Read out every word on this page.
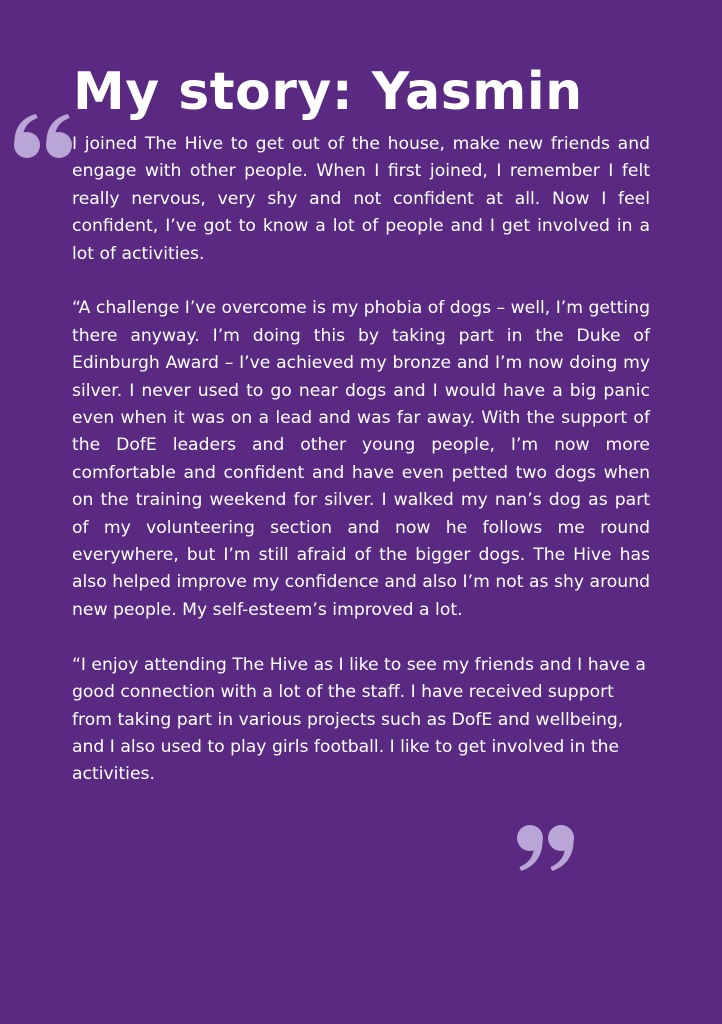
My story: Yasmin

I joined The Hive to get out of the house, make new friends and engage with other people. When I first joined, I remember I felt really nervous, very shy and not confident at all. Now I feel confident, I’ve got to know a lot of people and I get involved in a lot of activities.

“A challenge I’ve overcome is my phobia of dogs – well, I’m getting there anyway. I’m doing this by taking part in the Duke of Edinburgh Award – I’ve achieved my bronze and I’m now doing my silver. I never used to go near dogs and I would have a big panic even when it was on a lead and was far away. With the support of the DofE leaders and other young people, I’m now more comfortable and confident and have even petted two dogs when on the training weekend for silver. I walked my nan’s dog as part of my volunteering section and now he follows me round everywhere, but I’m still afraid of the bigger dogs. The Hive has also helped improve my confidence and also I’m not as shy around new people. My self-esteem’s improved a lot.

“I enjoy attending The Hive as I like to see my friends and I have a good connection with a lot of the staff. I have received support from taking part in various projects such as DofE and wellbeing, and I also used to play girls football. I like to get involved in the activities.
